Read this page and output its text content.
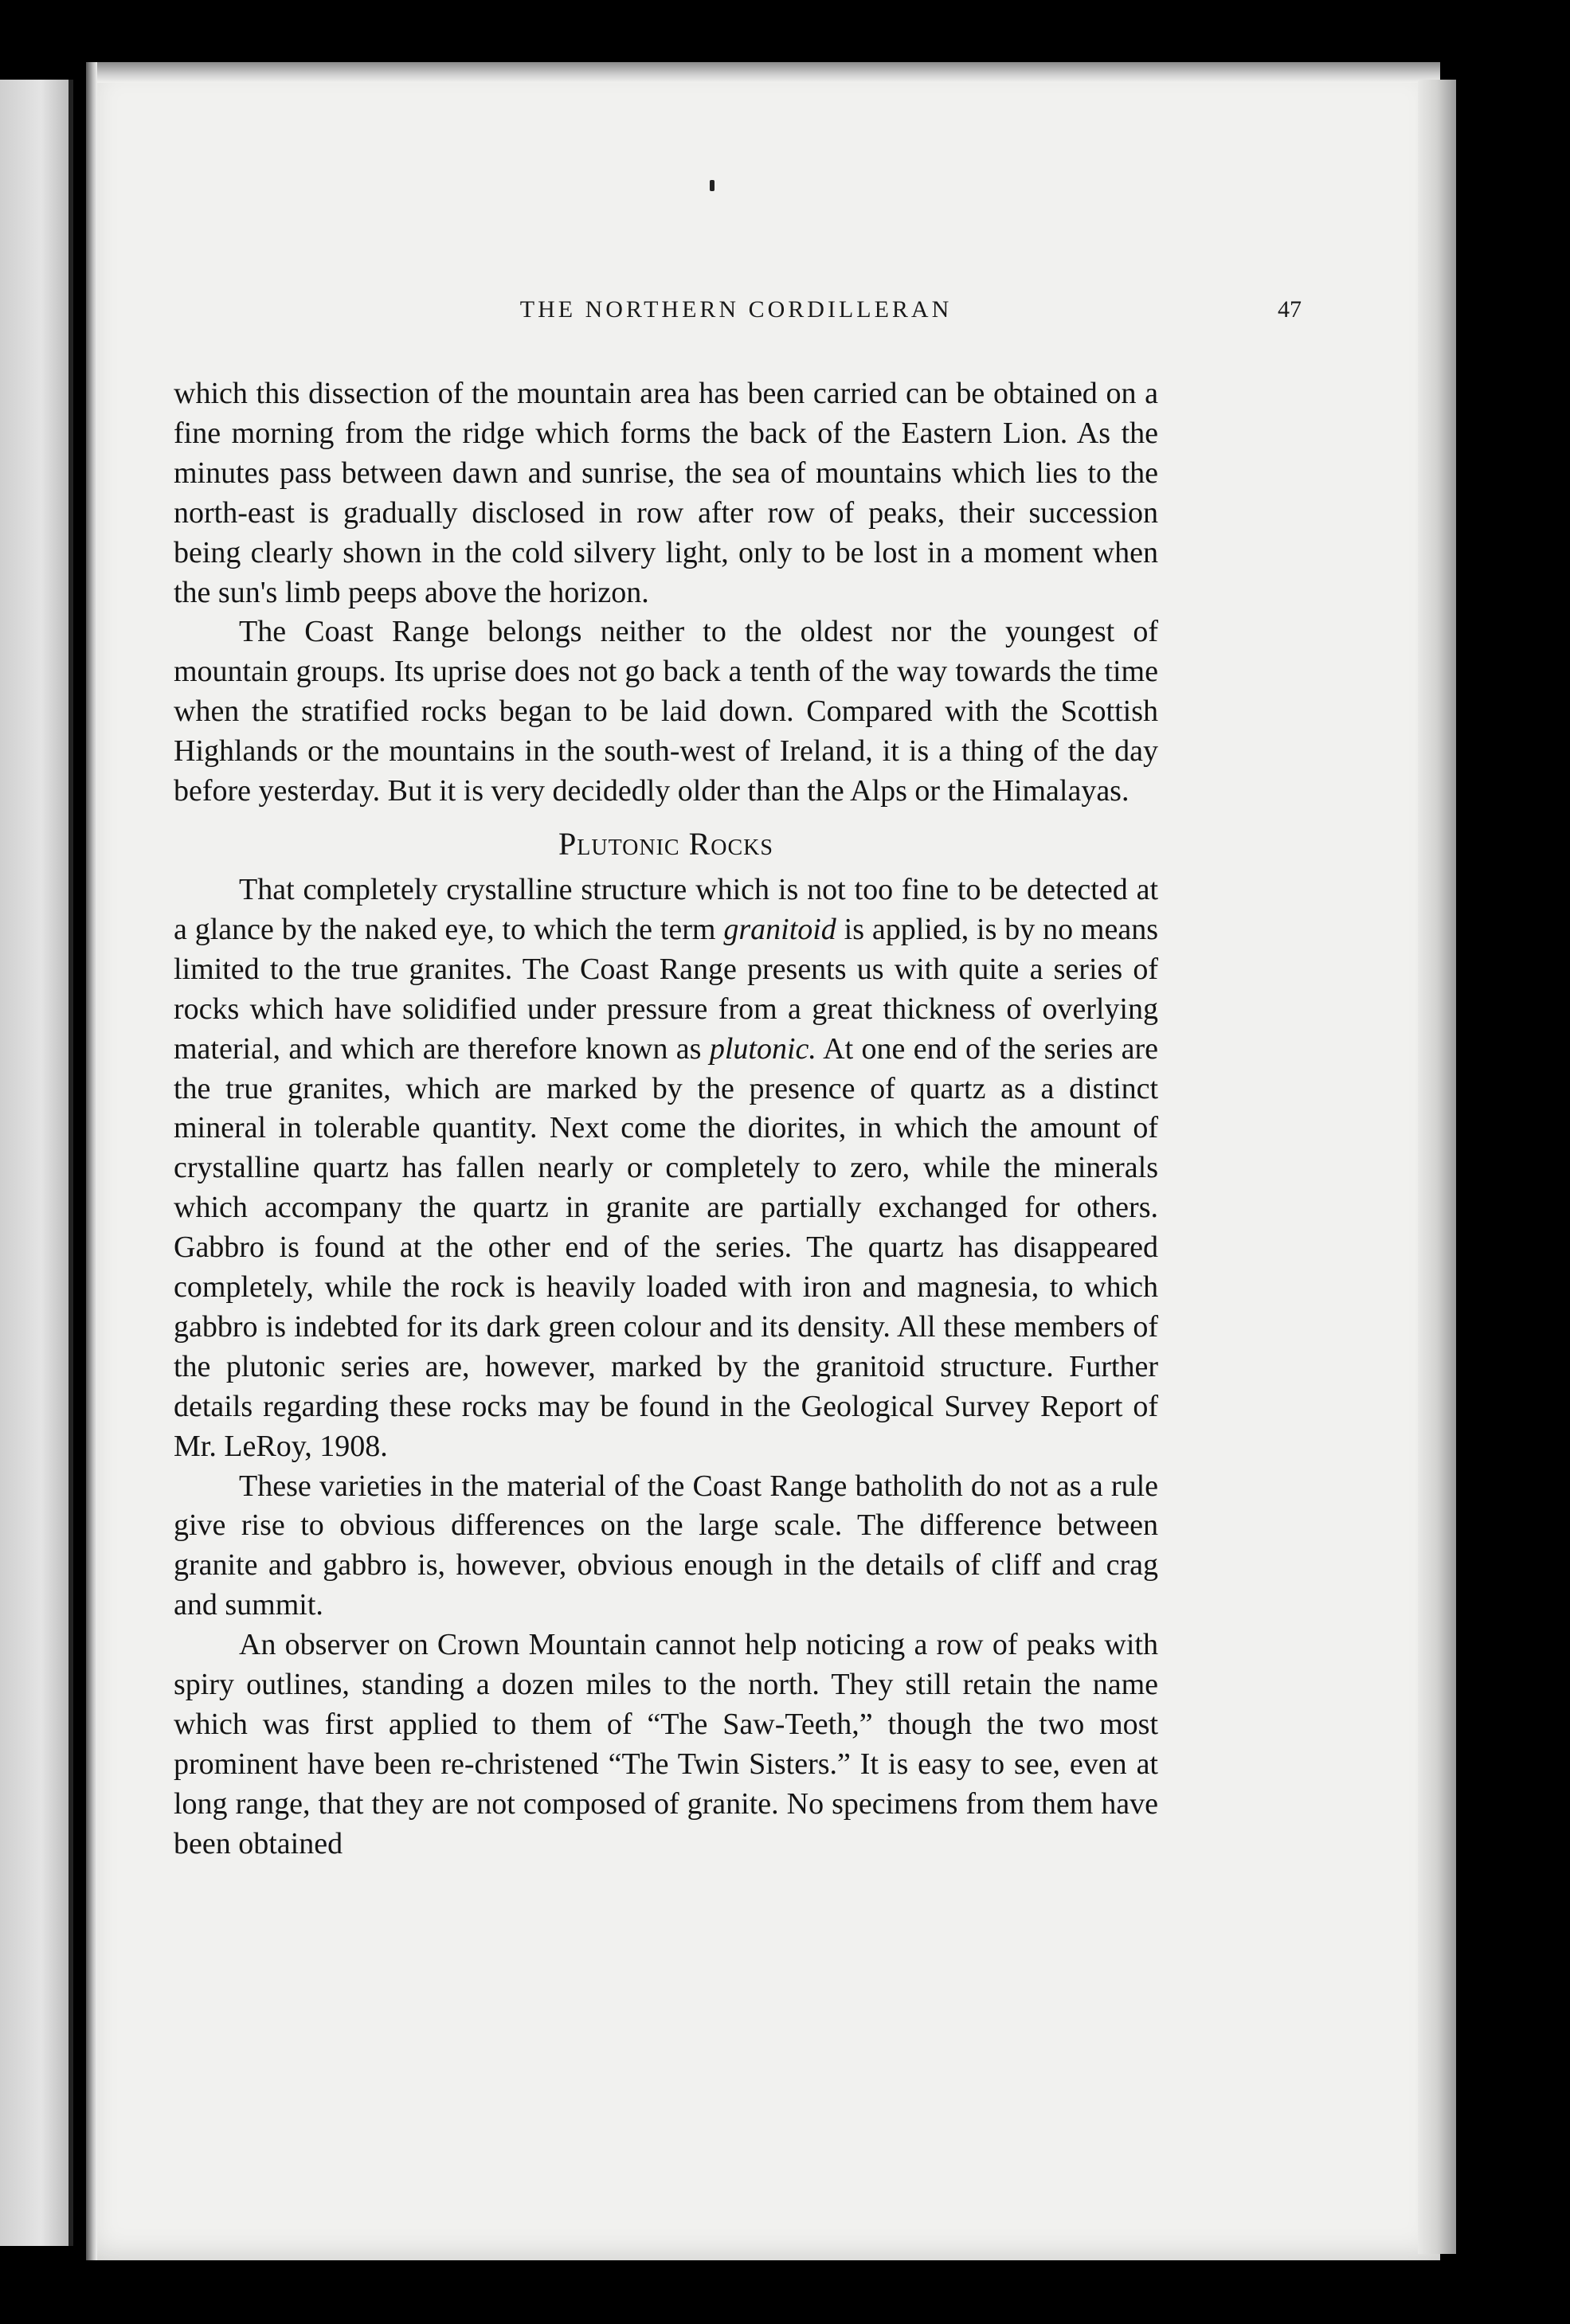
THE NORTHERN CORDILLERAN	47

which this dissection of the mountain area has been carried can be obtained on a fine morning from the ridge which forms the back of the Eastern Lion. As the minutes pass between dawn and sunrise, the sea of mountains which lies to the north-east is gradually disclosed in row after row of peaks, their succession being clearly shown in the cold silvery light, only to be lost in a moment when the sun's limb peeps above the horizon.

The Coast Range belongs neither to the oldest nor the youngest of mountain groups. Its uprise does not go back a tenth of the way towards the time when the stratified rocks began to be laid down. Compared with the Scottish Highlands or the mountains in the south-west of Ireland, it is a thing of the day before yesterday. But it is very decidedly older than the Alps or the Himalayas.

Plutonic Rocks

That completely crystalline structure which is not too fine to be detected at a glance by the naked eye, to which the term granitoid is applied, is by no means limited to the true granites. The Coast Range presents us with quite a series of rocks which have solidified under pressure from a great thickness of overlying material, and which are therefore known as plutonic. At one end of the series are the true granites, which are marked by the presence of quartz as a distinct mineral in tolerable quantity. Next come the diorites, in which the amount of crystalline quartz has fallen nearly or completely to zero, while the minerals which accompany the quartz in granite are partially exchanged for others. Gabbro is found at the other end of the series. The quartz has disappeared completely, while the rock is heavily loaded with iron and magnesia, to which gabbro is indebted for its dark green colour and its density. All these members of the plutonic series are, however, marked by the granitoid structure. Further details regarding these rocks may be found in the Geological Survey Report of Mr. LeRoy, 1908.

These varieties in the material of the Coast Range batholith do not as a rule give rise to obvious differences on the large scale. The difference between granite and gabbro is, however, obvious enough in the details of cliff and crag and summit.

An observer on Crown Mountain cannot help noticing a row of peaks with spiry outlines, standing a dozen miles to the north. They still retain the name which was first applied to them of “The Saw-Teeth,” though the two most prominent have been re-christened “The Twin Sisters.” It is easy to see, even at long range, that they are not composed of granite. No specimens from them have been obtained
